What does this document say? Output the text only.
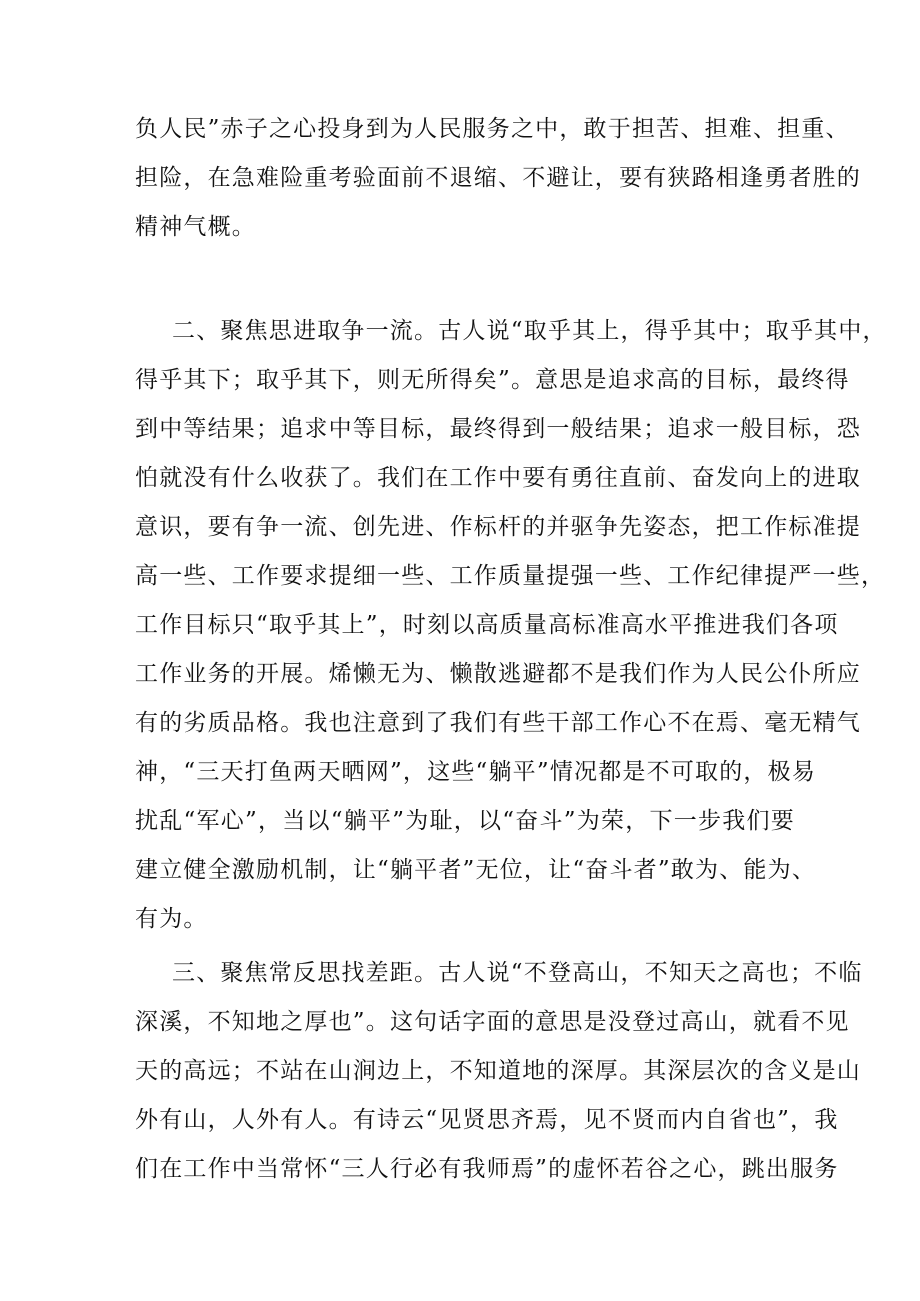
负人民”赤子之心投身到为人民服务之中，敢于担苦、担难、担重、
担险，在急难险重考验面前不退缩、不避让，要有狭路相逢勇者胜的
精神气概。
二、聚焦思进取争一流。古人说“取乎其上，得乎其中；取乎其中，
得乎其下；取乎其下，则无所得矣”。意思是追求高的目标，最终得
到中等结果；追求中等目标，最终得到一般结果；追求一般目标，恐
怕就没有什么收获了。我们在工作中要有勇往直前、奋发向上的进取
意识，要有争一流、创先进、作标杆的并驱争先姿态，把工作标准提
高一些、工作要求提细一些、工作质量提强一些、工作纪律提严一些，
工作目标只“取乎其上”，时刻以高质量高标准高水平推进我们各项
工作业务的开展。烯懒无为、懒散逃避都不是我们作为人民公仆所应
有的劣质品格。我也注意到了我们有些干部工作心不在焉、毫无精气
神，“三天打鱼两天晒网”，这些“躺平”情况都是不可取的，极易
扰乱“军心”，当以“躺平”为耻，以“奋斗”为荣，下一步我们要
建立健全激励机制，让“躺平者”无位，让“奋斗者”敢为、能为、
有为。
三、聚焦常反思找差距。古人说“不登高山，不知天之高也；不临
深溪，不知地之厚也”。这句话字面的意思是没登过高山，就看不见
天的高远；不站在山涧边上，不知道地的深厚。其深层次的含义是山
外有山，人外有人。有诗云“见贤思齐焉，见不贤而内自省也”，我
们在工作中当常怀“三人行必有我师焉”的虚怀若谷之心，跳出服务
